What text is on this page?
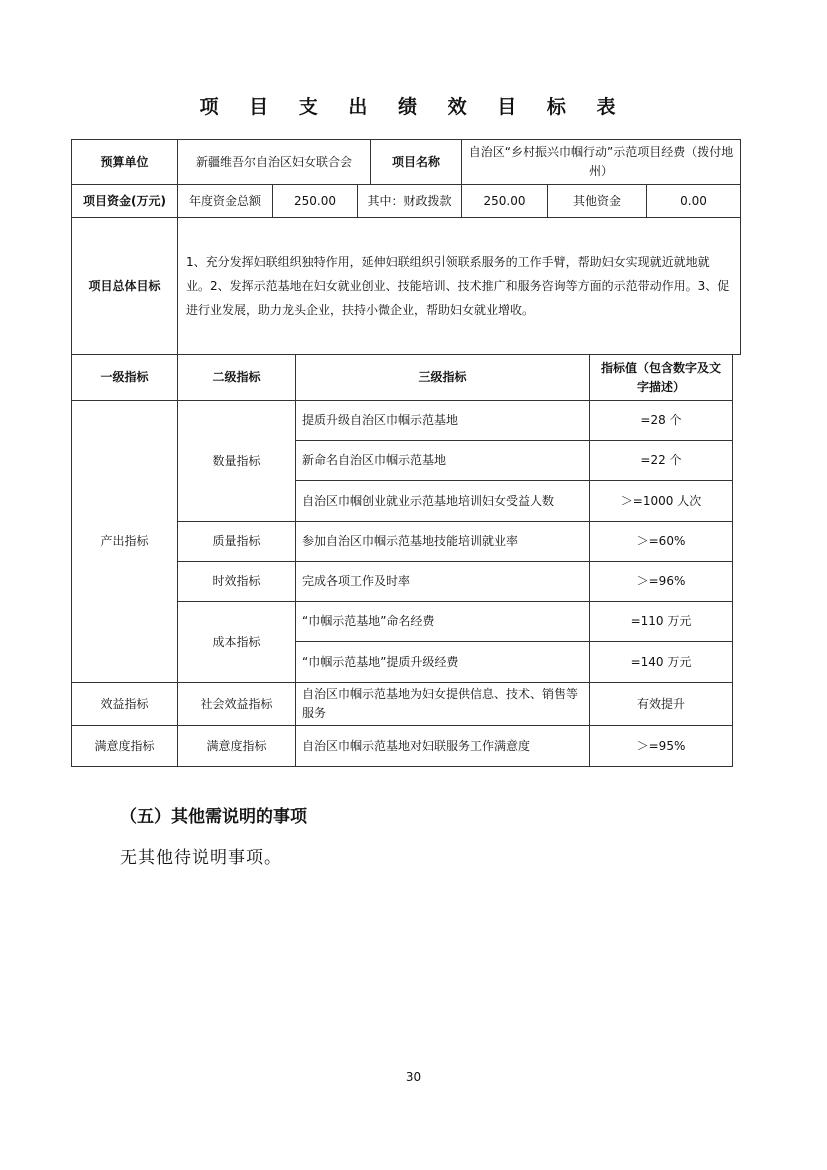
项 目 支 出 绩 效 目 标 表
预算单位	新疆维吾尔自治区妇女联合会			项目名称	自治区“乡村振兴巾帼行动”示范项目经费（拨付地州）		
项目资金(万元)	年度资金总额	250.00	其中：财政拨款		250.00	其他资金	0.00
项目总体目标	1、充分发挥妇联组织独特作用，延伸妇联组织引领联系服务的工作手臂，帮助妇女实现就近就地就业。2、发挥示范基地在妇女就业创业、技能培训、技术推广和服务咨询等方面的示范带动作用。3、促进行业发展，助力龙头企业，扶持小微企业，帮助妇女就业增收。						
一级指标	二级指标	三级指标	指标值（包含数字及文字描述）
产出指标	数量指标	提质升级自治区巾帼示范基地	=28 个
		新命名自治区巾帼示范基地	=22 个
		自治区巾帼创业就业示范基地培训妇女受益人数	＞=1000 人次
	质量指标	参加自治区巾帼示范基地技能培训就业率	＞=60%
	时效指标	完成各项工作及时率	＞=96%
	成本指标	“巾帼示范基地”命名经费	=110 万元
		“巾帼示范基地”提质升级经费	=140 万元
效益指标	社会效益指标	自治区巾帼示范基地为妇女提供信息、技术、销售等服务	有效提升
满意度指标	满意度指标	自治区巾帼示范基地对妇联服务工作满意度	＞=95%
（五）其他需说明的事项
无其他待说明事项。
30
